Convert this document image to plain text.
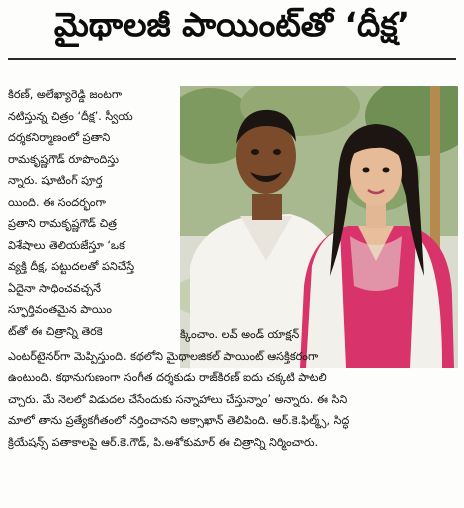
మైథాలజీ పాయింట్‌తో ‘దీక్ష’

కిరణ్, అలేఖ్యారెడ్డి జంటగా

నటిస్తున్న చిత్రం ‘దీక్ష’. స్వీయ

దర్శకనిర్మాణంలో ప్రతాని

రామకృష్ణగౌడ్ రూపొందిస్తు

న్నారు. షూటింగ్ పూర్త

యింది. ఈ సందర్భంగా

ప్రతాని రామకృష్ణగౌడ్ చిత్ర

విశేషాలు తెలియజేస్తూ ‘ఒక

వ్యక్తి దీక్ష, పట్టుదలతో పనిచేస్తే

ఏదైనా సాధించవచ్చనే

స్ఫూర్తివంతమైన పాయిం

ట్‌తో ఈ చిత్రాన్ని తెరకె	క్కించాం. లవ్ అండ్ యాక్షన్

ఎంటర్‌టైనర్‌గా మెప్పిస్తుంది. కథలోని మైథాలజికల్ పాయింట్ ఆసక్తికరంగా

ఉంటుంది. కథానుగుణంగా సంగీత దర్శకుడు రాజ్‌కిరణ్ ఐదు చక్కటి పాటలి

చ్చారు. మే నెలలో విడుదల చేసేందుకు సన్నాహాలు చేస్తున్నాం’ అన్నారు. ఈ సిని

మాలో తాను ప్రత్యేకగీతంలో నర్తించానని అక్సాఖాన్ తెలిపింది. ఆర్.కె.ఫిల్మ్స్, సిద్ధ

క్రియేషన్స్ పతాకాలపై ఆర్.కె.గౌడ్, పి.అశోకుమార్ ఈ చిత్రాన్ని నిర్మించారు.
